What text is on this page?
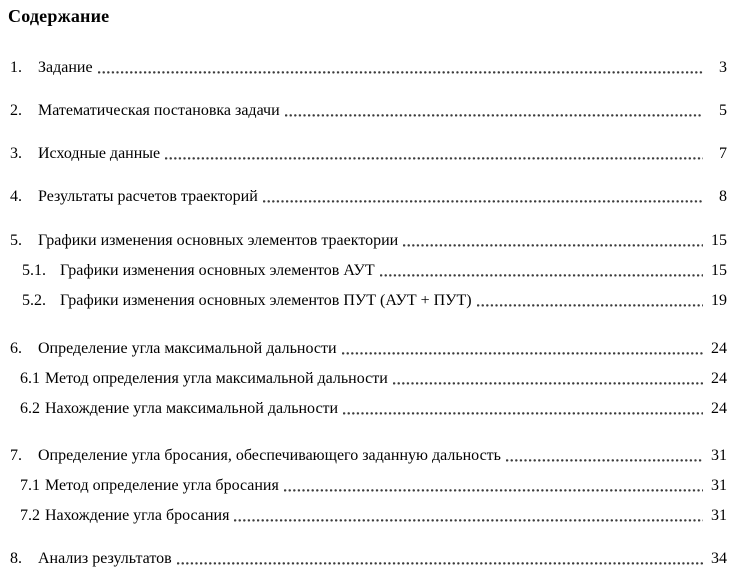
Содержание
1.	Задание	3
2.	Математическая постановка задачи	5
3.	Исходные данные	7
4.	Результаты расчетов траекторий	8
5.	Графики изменения основных элементов траектории	15
5.1. Графики изменения основных элементов АУТ	15
5.2. Графики изменения основных элементов ПУТ (АУТ + ПУТ)	19
6.	Определение угла максимальной дальности	24
6.1 Метод определения угла максимальной дальности	24
6.2 Нахождение угла максимальной дальности	24
7.	Определение угла бросания, обеспечивающего заданную дальность	31
7.1 Метод определение угла бросания	31
7.2 Нахождение угла бросания	31
8.	Анализ результатов	34
